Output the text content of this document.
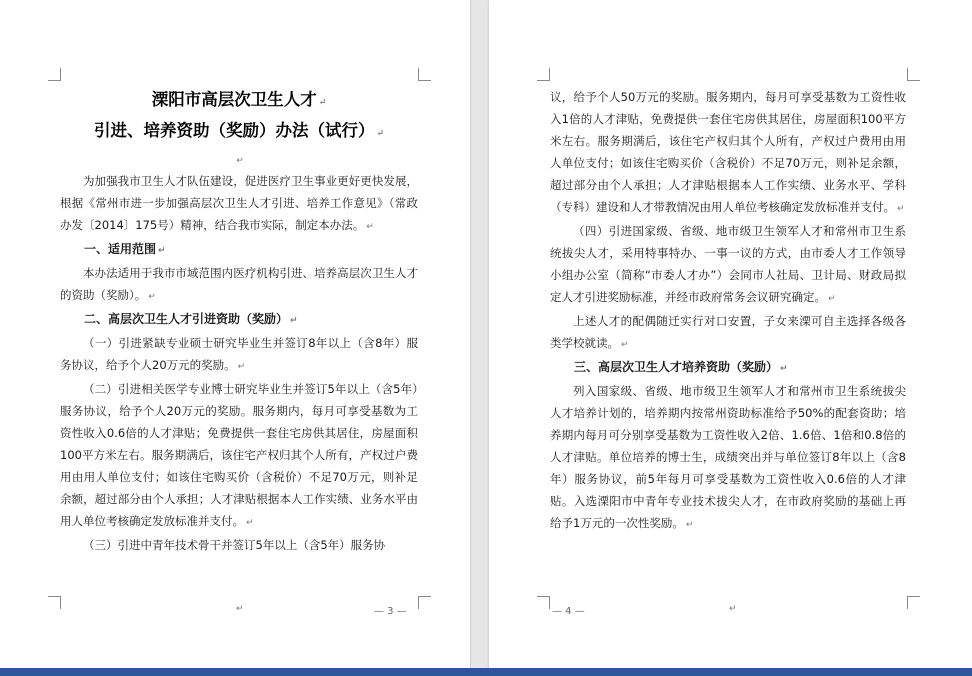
溧阳市高层次卫生人才 ↵
引进、培养资助（奖励）办法（试行） ↵
↵

为加强我市卫生人才队伍建设，促进医疗卫生事业更好更快发展，根据《常州市进一步加强高层次卫生人才引进、培养工作意见》（常政办发〔2014〕175号）精神，结合我市实际，制定本办法。 ↵

一、适用范围 ↵

本办法适用于我市市域范围内医疗机构引进、培养高层次卫生人才的资助（奖励）。 ↵

二、高层次卫生人才引进资助（奖励） ↵

（一）引进紧缺专业硕士研究毕业生并签订8年以上（含8年）服务协议，给予个人20万元的奖励。 ↵

（二）引进相关医学专业博士研究毕业生并签订5年以上（含5年）服务协议，给予个人20万元的奖励。服务期内，每月可享受基数为工资性收入0.6倍的人才津贴；免费提供一套住宅房供其居住，房屋面积100平方米左右。服务期满后，该住宅产权归其个人所有，产权过户费用由用人单位支付；如该住宅购买价（含税价）不足70万元，则补足余额，超过部分由个人承担；人才津贴根据本人工作实绩、业务水平由用人单位考核确定发放标准并支付。 ↵

（三）引进中青年技术骨干并签订5年以上（含5年）服务协

↵	— 3 —	↵
— 4 —

议，给予个人50万元的奖励。服务期内，每月可享受基数为工资性收入1倍的人才津贴，免费提供一套住宅房供其居住，房屋面积100平方米左右。服务期满后，该住宅产权归其个人所有，产权过户费用由用人单位支付；如该住宅购买价（含税价）不足70万元，则补足余额，超过部分由个人承担；人才津贴根据本人工作实绩、业务水平、学科（专科）建设和人才带教情况由用人单位考核确定发放标准并支付。 ↵

（四）引进国家级、省级、地市级卫生领军人才和常州市卫生系统拔尖人才，采用特事特办、一事一议的方式，由市委人才工作领导小组办公室（简称“市委人才办”）会同市人社局、卫计局、财政局拟定人才引进奖励标准，并经市政府常务会议研究确定。 ↵

上述人才的配偶随迁实行对口安置，子女来溧可自主选择各级各类学校就读。 ↵

三、高层次卫生人才培养资助（奖励） ↵

列入国家级、省级、地市级卫生领军人才和常州市卫生系统拔尖人才培养计划的，培养期内按常州资助标准给予50%的配套资助；培养期内每月可分别享受基数为工资性收入2倍、1.6倍、1倍和0.8倍的人才津贴。单位培养的博士生，成绩突出并与单位签订8年以上（含8年）服务协议，前5年每月可享受基数为工资性收入0.6倍的人才津贴。入选溧阳市中青年专业技术拔尖人才，在市政府奖励的基础上再给予1万元的一次性奖励。 ↵
